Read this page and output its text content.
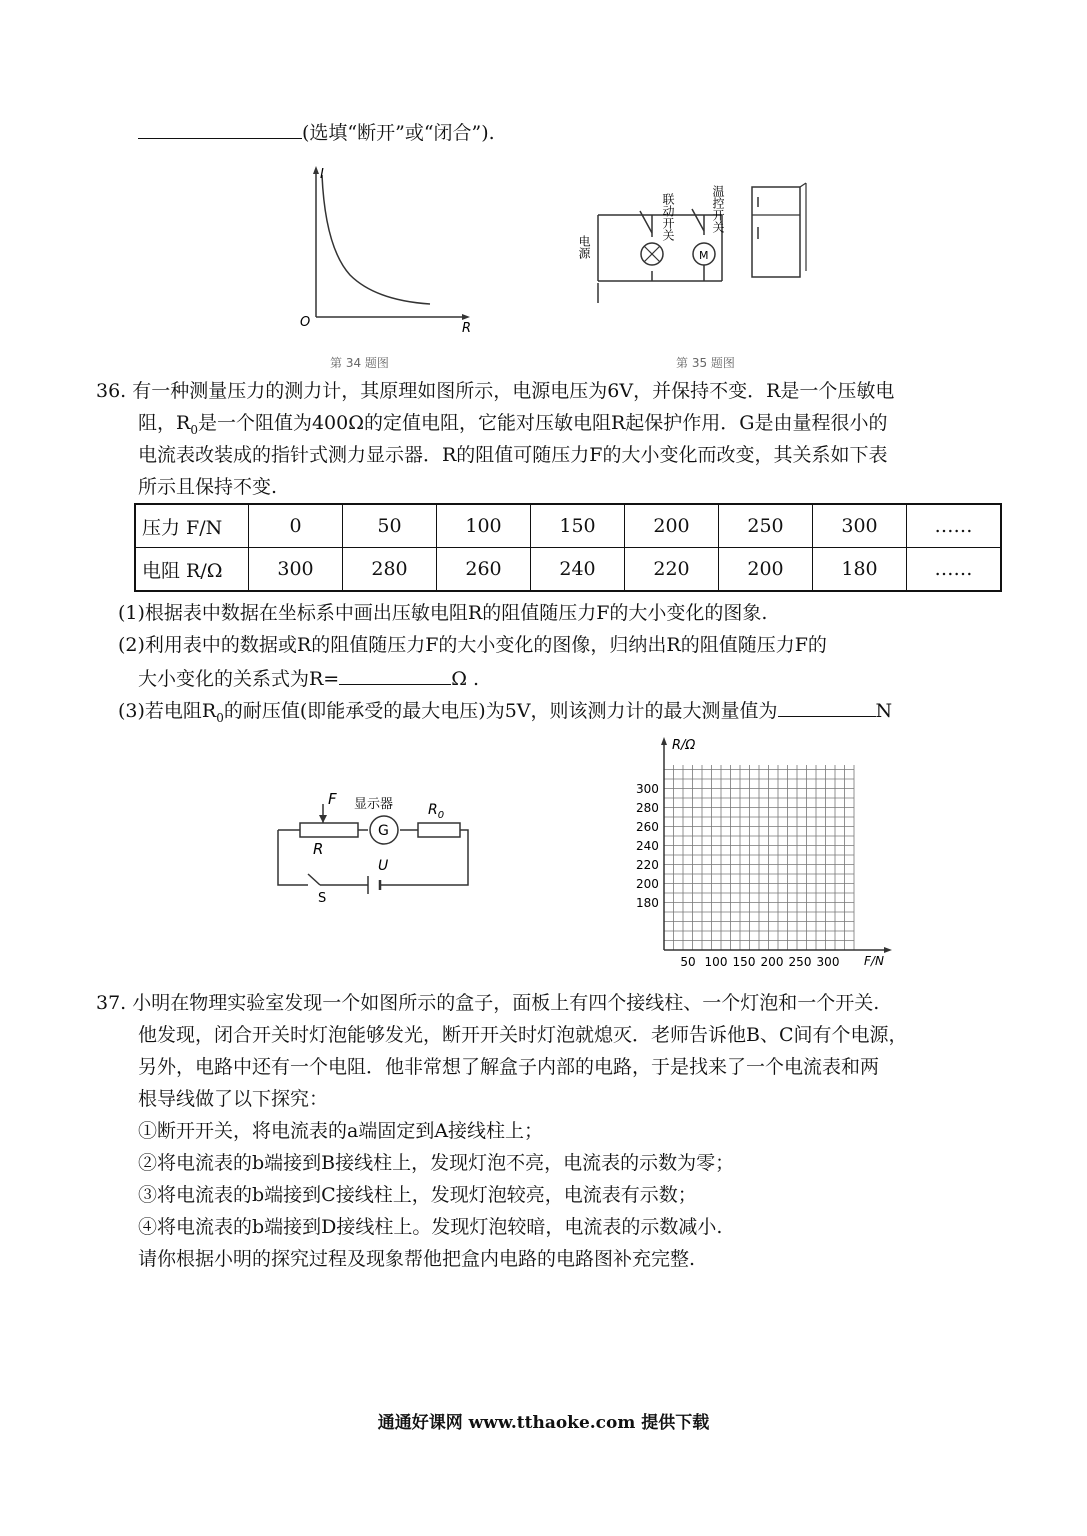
(选填“断开”或“闭合”).
I
O	R
第 34 题图
M
电源
联动开关	温控开关
第 35 题图
36. 有一种测量压力的测力计，其原理如图所示，电源电压为6V，并保持不变．R是一个压敏电
阻，$R_0$是一个阻值为400Ω的定值电阻，它能对压敏电阻R起保护作用．G是由量程很小的
电流表改装成的指针式测力显示器．R的阻值可随压力F的大小变化而改变，其关系如下表
所示且保持不变.
压力 F/N	0	50	100	150	200	250	300	……
电阻 R/Ω	300	280	260	240	220	200	180	……
(1)根据表中数据在坐标系中画出压敏电阻R的阻值随压力F的大小变化的图象.
(2)利用表中的数据或R的阻值随压力F的大小变化的图像，归纳出R的阻值随压力F的
大小变化的关系式为R=	Ω .
(3)若电阻$R_0$的耐压值(即能承受的最大电压)为5V，则该测力计的最大测量值为	N
G
F 显示器 $R_0$
R
U
S
R/Ω
F/N
300
280
260
240
220
200
180
50 100 150 200 250 300
37. 小明在物理实验室发现一个如图所示的盒子，面板上有四个接线柱、一个灯泡和一个开关.
他发现，闭合开关时灯泡能够发光，断开开关时灯泡就熄灭．老师告诉他B、C间有个电源，
另外，电路中还有一个电阻．他非常想了解盒子内部的电路，于是找来了一个电流表和两
根导线做了以下探究：
①断开开关，将电流表的a端固定到A接线柱上；
②将电流表的b端接到B接线柱上，发现灯泡不亮，电流表的示数为零；
③将电流表的b端接到C接线柱上，发现灯泡较亮，电流表有示数；
④将电流表的b端接到D接线柱上。发现灯泡较暗，电流表的示数减小.
请你根据小明的探究过程及现象帮他把盒内电路的电路图补充完整.
通通好课网 www.tthaoke.com 提供下载
